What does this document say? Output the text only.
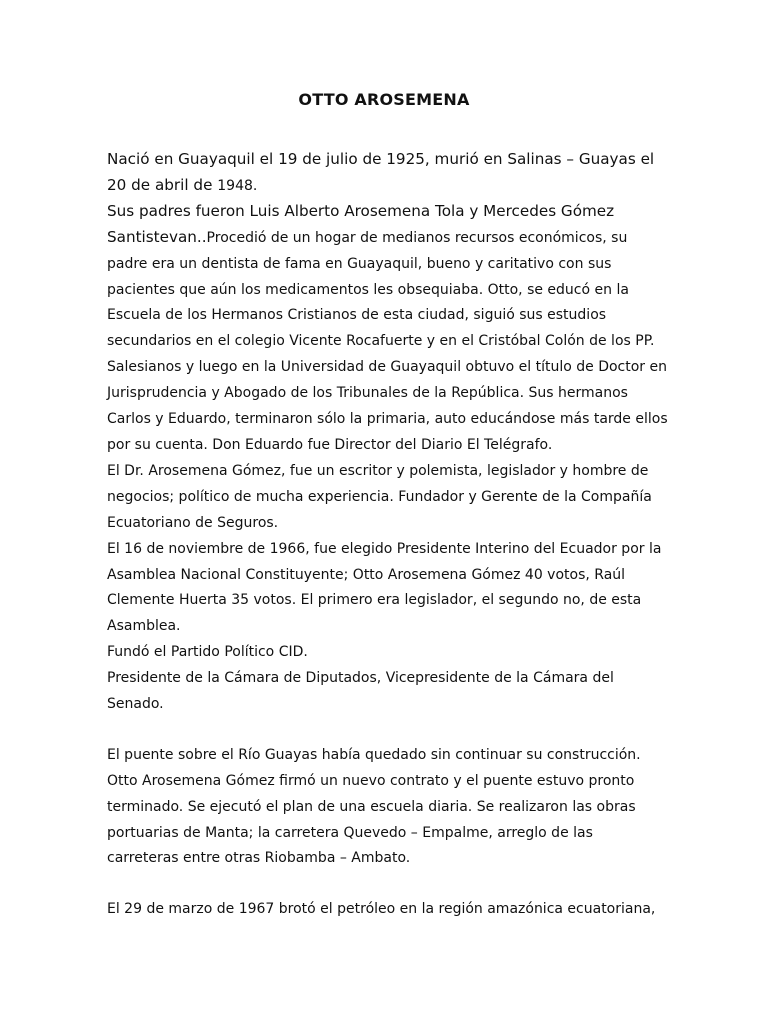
OTTO AROSEMENA
Nació en Guayaquil el 19 de julio de 1925, murió en Salinas – Guayas el
20 de abril de 1948.
Sus padres fueron Luis Alberto Arosemena Tola y Mercedes Gómez
Santistevan..Procedió de un hogar de medianos recursos económicos, su
padre era un dentista de fama en Guayaquil, bueno y caritativo con sus
pacientes que aún los medicamentos les obsequiaba. Otto, se educó en la
Escuela de los Hermanos Cristianos de esta ciudad, siguió sus estudios
secundarios en el colegio Vicente Rocafuerte y en el Cristóbal Colón de los PP.
Salesianos y luego en la Universidad de Guayaquil obtuvo el título de Doctor en
Jurisprudencia y Abogado de los Tribunales de la República. Sus hermanos
Carlos y Eduardo, terminaron sólo la primaria, auto educándose más tarde ellos
por su cuenta. Don Eduardo fue Director del Diario El Telégrafo.
El Dr. Arosemena Gómez, fue un escritor y polemista, legislador y hombre de
negocios; político de mucha experiencia. Fundador y Gerente de la Compañía
Ecuatoriano de Seguros.
El 16 de noviembre de 1966, fue elegido Presidente Interino del Ecuador por la
Asamblea Nacional Constituyente; Otto Arosemena Gómez 40 votos, Raúl
Clemente Huerta 35 votos. El primero era legislador, el segundo no, de esta
Asamblea.
Fundó el Partido Político CID.
Presidente de la Cámara de Diputados, Vicepresidente de la Cámara del
Senado.
El puente sobre el Río Guayas había quedado sin continuar su construcción.
Otto Arosemena Gómez firmó un nuevo contrato y el puente estuvo pronto
terminado. Se ejecutó el plan de una escuela diaria. Se realizaron las obras
portuarias de Manta; la carretera Quevedo – Empalme, arreglo de las
carreteras entre otras Riobamba – Ambato.
El 29 de marzo de 1967 brotó el petróleo en la región amazónica ecuatoriana,
